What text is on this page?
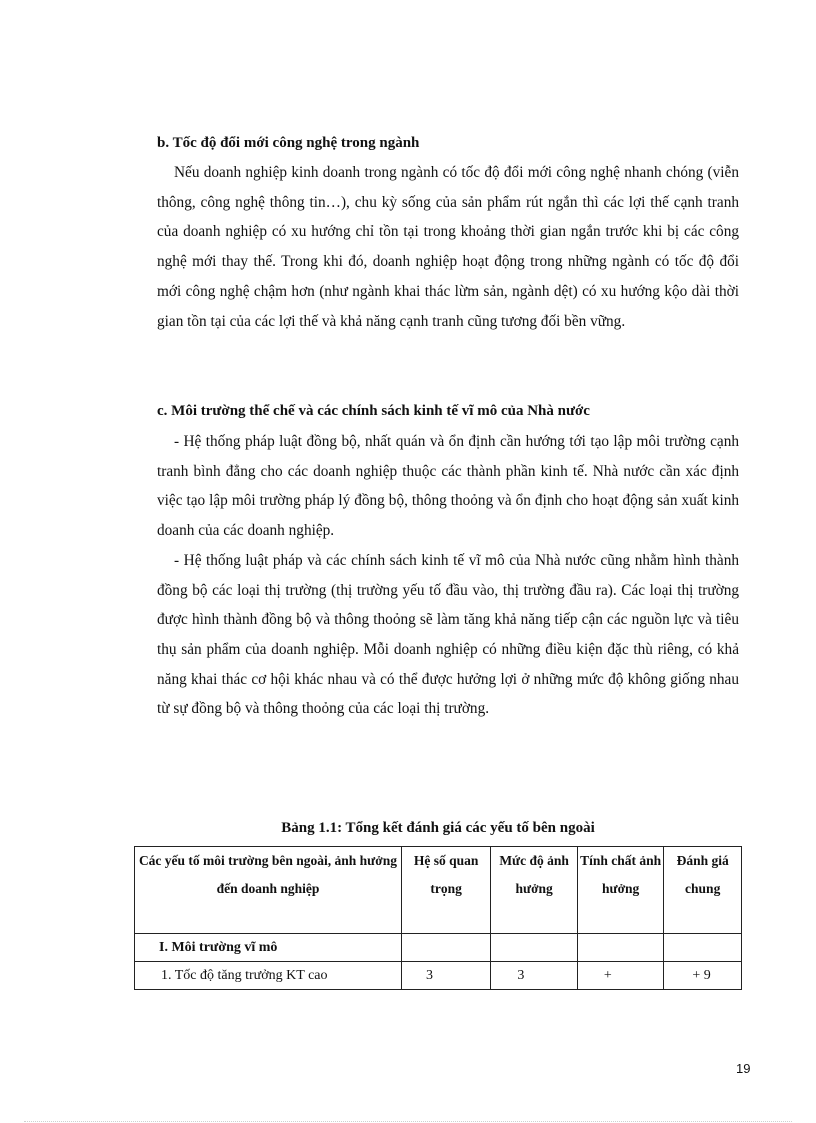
b. Tốc độ đổi mới công nghệ trong ngành

Nếu doanh nghiệp kinh doanh trong ngành có tốc độ đổi mới công nghệ nhanh chóng (viễn thông, công nghệ thông tin…), chu kỳ sống của sản phẩm rút ngắn thì các lợi thế cạnh tranh của doanh nghiệp có xu hướng chỉ tồn tại trong khoảng thời gian ngắn trước khi bị các công nghệ mới thay thế. Trong khi đó, doanh nghiệp hoạt động trong những ngành có tốc độ đổi mới công nghệ chậm hơn (như ngành khai thác lừm sản, ngành dệt) có xu hướng kộo dài thời gian tồn tại của các lợi thế và khả năng cạnh tranh cũng tương đối bền vững.

c. Môi trường thể chế và các chính sách kinh tế vĩ mô của Nhà nước

- Hệ thống pháp luật đồng bộ, nhất quán và ổn định cần hướng tới tạo lập môi trường cạnh tranh bình đẳng cho các doanh nghiệp thuộc các thành phần kinh tế. Nhà nước cần xác định việc tạo lập môi trường pháp lý đồng bộ, thông thoỏng và ổn định cho hoạt động sản xuất kinh doanh của các doanh nghiệp.

- Hệ thống luật pháp và các chính sách kinh tế vĩ mô của Nhà nước cũng nhằm hình thành đồng bộ các loại thị trường (thị trường yếu tố đầu vào, thị trường đầu ra). Các loại thị trường được hình thành đồng bộ và thông thoỏng sẽ làm tăng khả năng tiếp cận các nguồn lực và tiêu thụ sản phẩm của doanh nghiệp. Mỗi doanh nghiệp có những điều kiện đặc thù riêng, có khả năng khai thác cơ hội khác nhau và có thể được hưởng lợi ở những mức độ không giống nhau từ sự đồng bộ và thông thoỏng của các loại thị trường.

Bảng 1.1: Tổng kết đánh giá các yếu tố bên ngoài
Các yếu tố môi trường bên ngoài, ảnh hưởng đến doanh nghiệp	Hệ số quan trọng	Mức độ ảnh hưởng	Tính chất ảnh hưởng	Đánh giá chung
I. Môi trường vĩ mô				
1. Tốc độ tăng trưởng KT cao	3	3	+	+ 9
19
